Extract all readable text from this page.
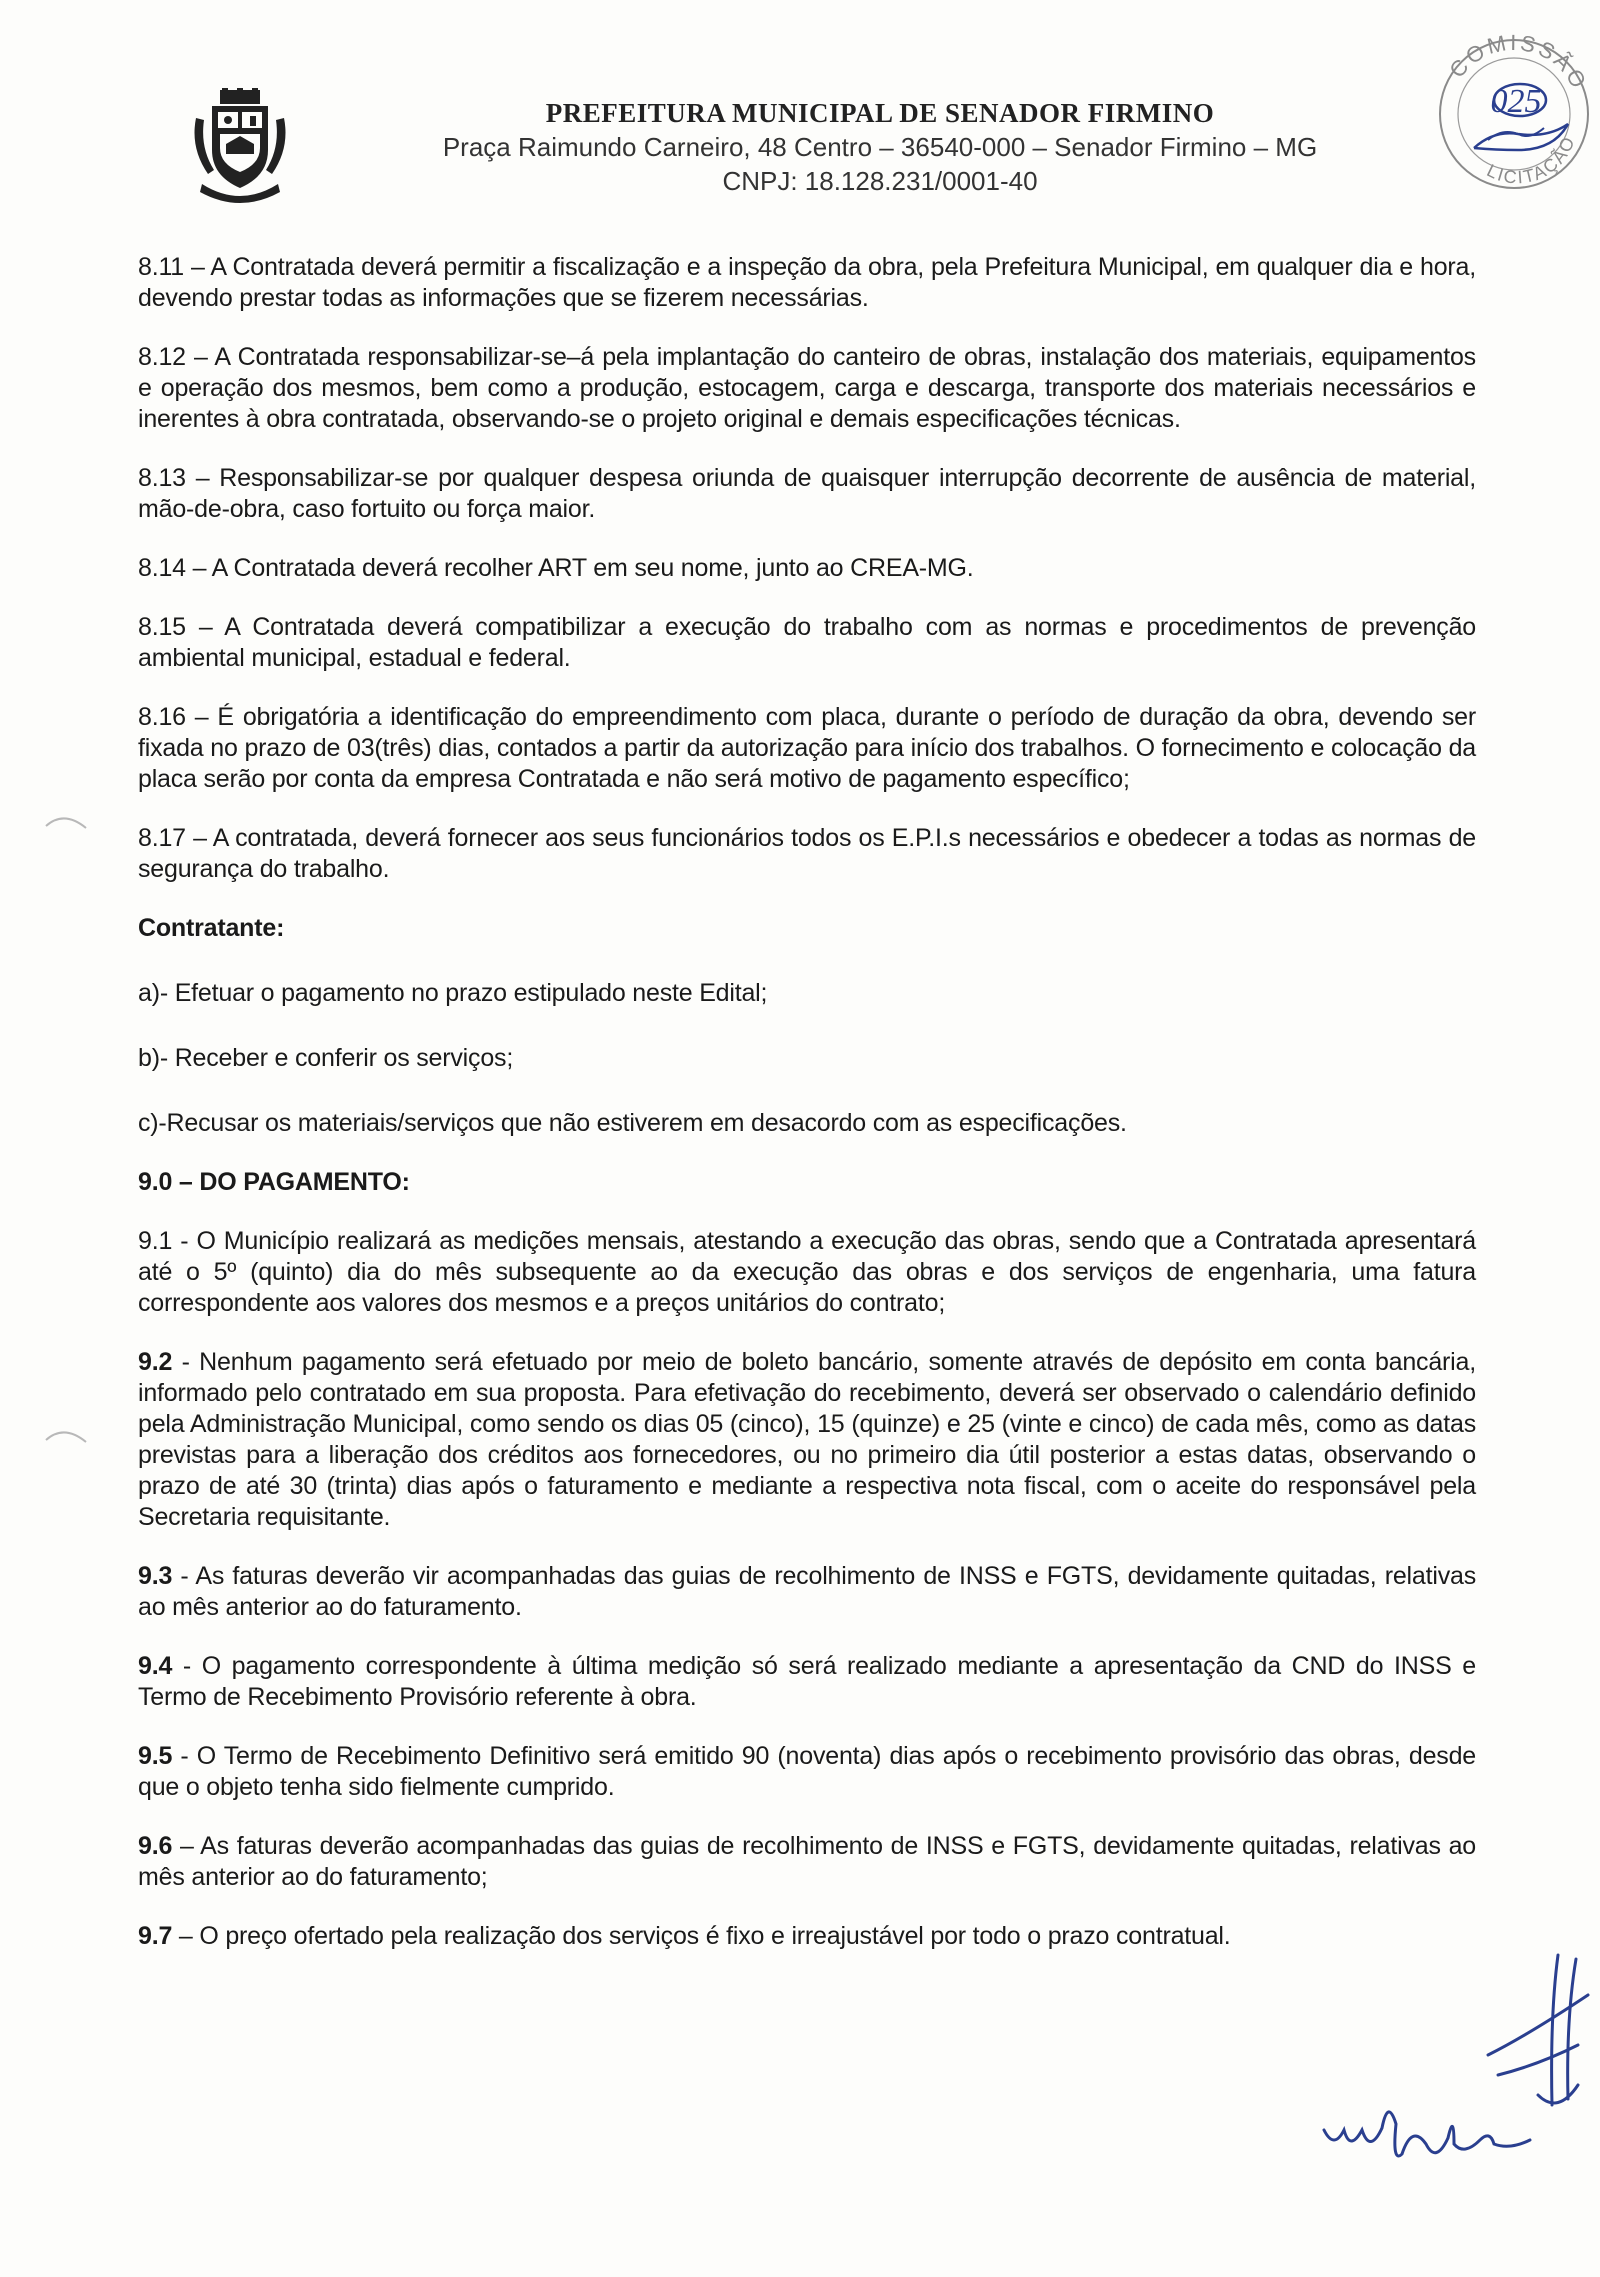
PREFEITURA MUNICIPAL DE SENADOR FIRMINO
Praça Raimundo Carneiro, 48 Centro – 36540-000 – Senador Firmino – MG
CNPJ: 18.128.231/0001-40
COMISSÃO
LICITAÇÃO
025

8.11 – A Contratada deverá permitir a fiscalização e a inspeção da obra, pela Prefeitura Municipal, em qualquer dia e hora, devendo prestar todas as informações que se fizerem necessárias.

8.12 – A Contratada responsabilizar-se–á pela implantação do canteiro de obras, instalação dos materiais, equipamentos e operação dos mesmos, bem como a produção, estocagem, carga e descarga, transporte dos materiais necessários e inerentes à obra contratada, observando-se o projeto original e demais especificações técnicas.

8.13 – Responsabilizar-se por qualquer despesa oriunda de quaisquer interrupção decorrente de ausência de material, mão-de-obra, caso fortuito ou força maior.

8.14 – A Contratada deverá recolher ART em seu nome, junto ao CREA-MG.

8.15 – A Contratada deverá compatibilizar a execução do trabalho com as normas e procedimentos de prevenção ambiental municipal, estadual e federal.

8.16 – É obrigatória a identificação do empreendimento com placa, durante o período de duração da obra, devendo ser fixada no prazo de 03(três) dias, contados a partir da autorização para início dos trabalhos. O fornecimento e colocação da placa serão por conta da empresa Contratada e não será motivo de pagamento específico;

8.17 – A contratada, deverá fornecer aos seus funcionários todos os E.P.I.s necessários e obedecer a todas as normas de segurança do trabalho.

Contratante:

a)- Efetuar o pagamento no prazo estipulado neste Edital;

b)- Receber e conferir os serviços;

c)-Recusar os materiais/serviços que não estiverem em desacordo com as especificações.

9.0 – DO PAGAMENTO:

9.1 - O Município realizará as medições mensais, atestando a execução das obras, sendo que a Contratada apresentará até o 5º (quinto) dia do mês subsequente ao da execução das obras e dos serviços de engenharia, uma fatura correspondente aos valores dos mesmos e a preços unitários do contrato;

9.2 - Nenhum pagamento será efetuado por meio de boleto bancário, somente através de depósito em conta bancária, informado pelo contratado em sua proposta. Para efetivação do recebimento, deverá ser observado o calendário definido pela Administração Municipal, como sendo os dias 05 (cinco), 15 (quinze) e 25 (vinte e cinco) de cada mês, como as datas previstas para a liberação dos créditos aos fornecedores, ou no primeiro dia útil posterior a estas datas, observando o prazo de até 30 (trinta) dias após o faturamento e mediante a respectiva nota fiscal, com o aceite do responsável pela Secretaria requisitante.

9.3 - As faturas deverão vir acompanhadas das guias de recolhimento de INSS e FGTS, devidamente quitadas, relativas ao mês anterior ao do faturamento.

9.4 - O pagamento correspondente à última medição só será realizado mediante a apresentação da CND do INSS e Termo de Recebimento Provisório referente à obra.

9.5 - O Termo de Recebimento Definitivo será emitido 90 (noventa) dias após o recebimento provisório das obras, desde que o objeto tenha sido fielmente cumprido.

9.6 – As faturas deverão acompanhadas das guias de recolhimento de INSS e FGTS, devidamente quitadas, relativas ao mês anterior ao do faturamento;

9.7 – O preço ofertado pela realização dos serviços é fixo e irreajustável por todo o prazo contratual.
